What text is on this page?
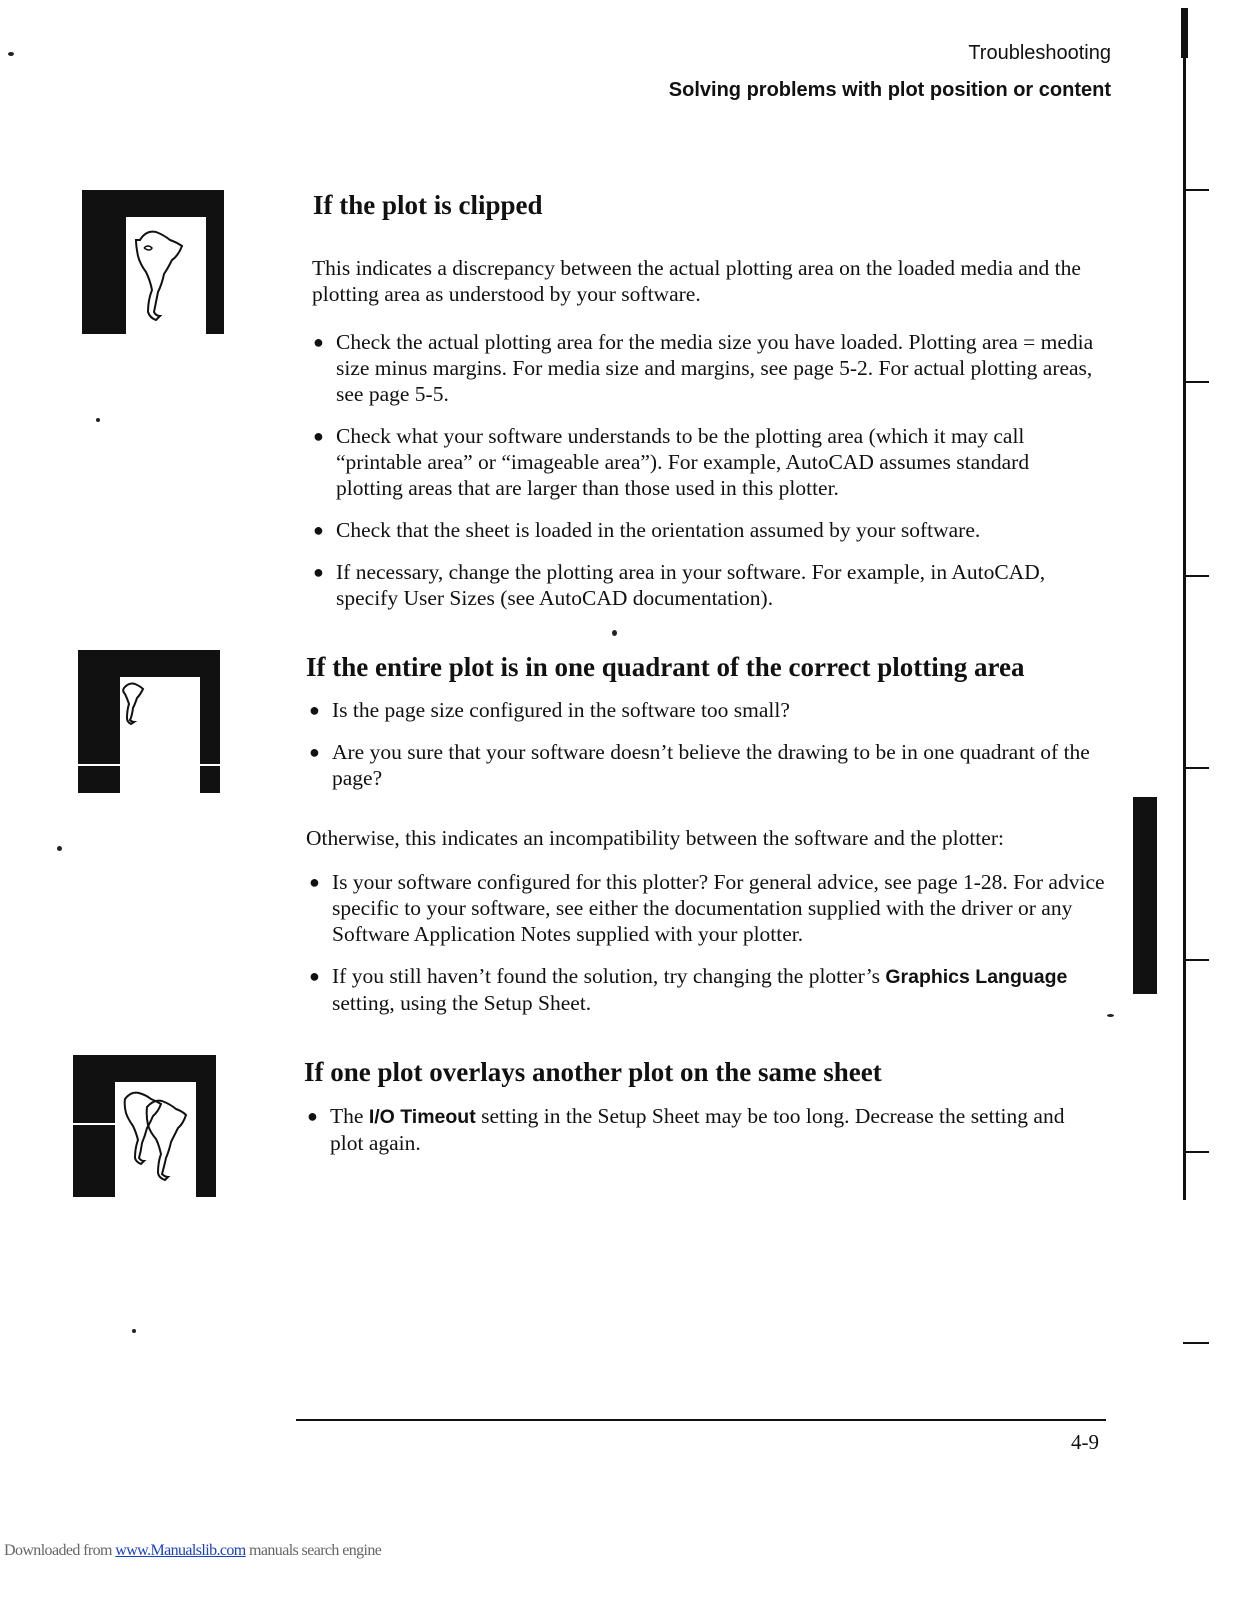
Troubleshooting
Solving problems with plot position or content
If the plot is clipped

This indicates a discrepancy between the actual plotting area on the loaded media and the plotting area as understood by your software.

● Check the actual plotting area for the media size you have loaded. Plotting area = media size minus margins. For media size and margins, see page 5-2. For actual plotting areas, see page 5-5.
● Check what your software understands to be the plotting area (which it may call “printable area” or “imageable area”). For example, AutoCAD assumes standard plotting areas that are larger than those used in this plotter.
● Check that the sheet is loaded in the orientation assumed by your software.
● If necessary, change the plotting area in your software. For example, in AutoCAD, specify User Sizes (see AutoCAD documentation).
If the entire plot is in one quadrant of the correct plotting area
● Is the page size configured in the software too small?
● Are you sure that your software doesn’t believe the drawing to be in one quadrant of the page?

Otherwise, this indicates an incompatibility between the software and the plotter:

● Is your software configured for this plotter? For general advice, see page 1-28. For advice specific to your software, see either the documentation supplied with the driver or any Software Application Notes supplied with your plotter.
● If you still haven’t found the solution, try changing the plotter’s Graphics Language setting, using the Setup Sheet.
If one plot overlays another plot on the same sheet
● The I/O Timeout setting in the Setup Sheet may be too long. Decrease the setting and plot again.
4-9
Downloaded from www.Manualslib.com manuals search engine
